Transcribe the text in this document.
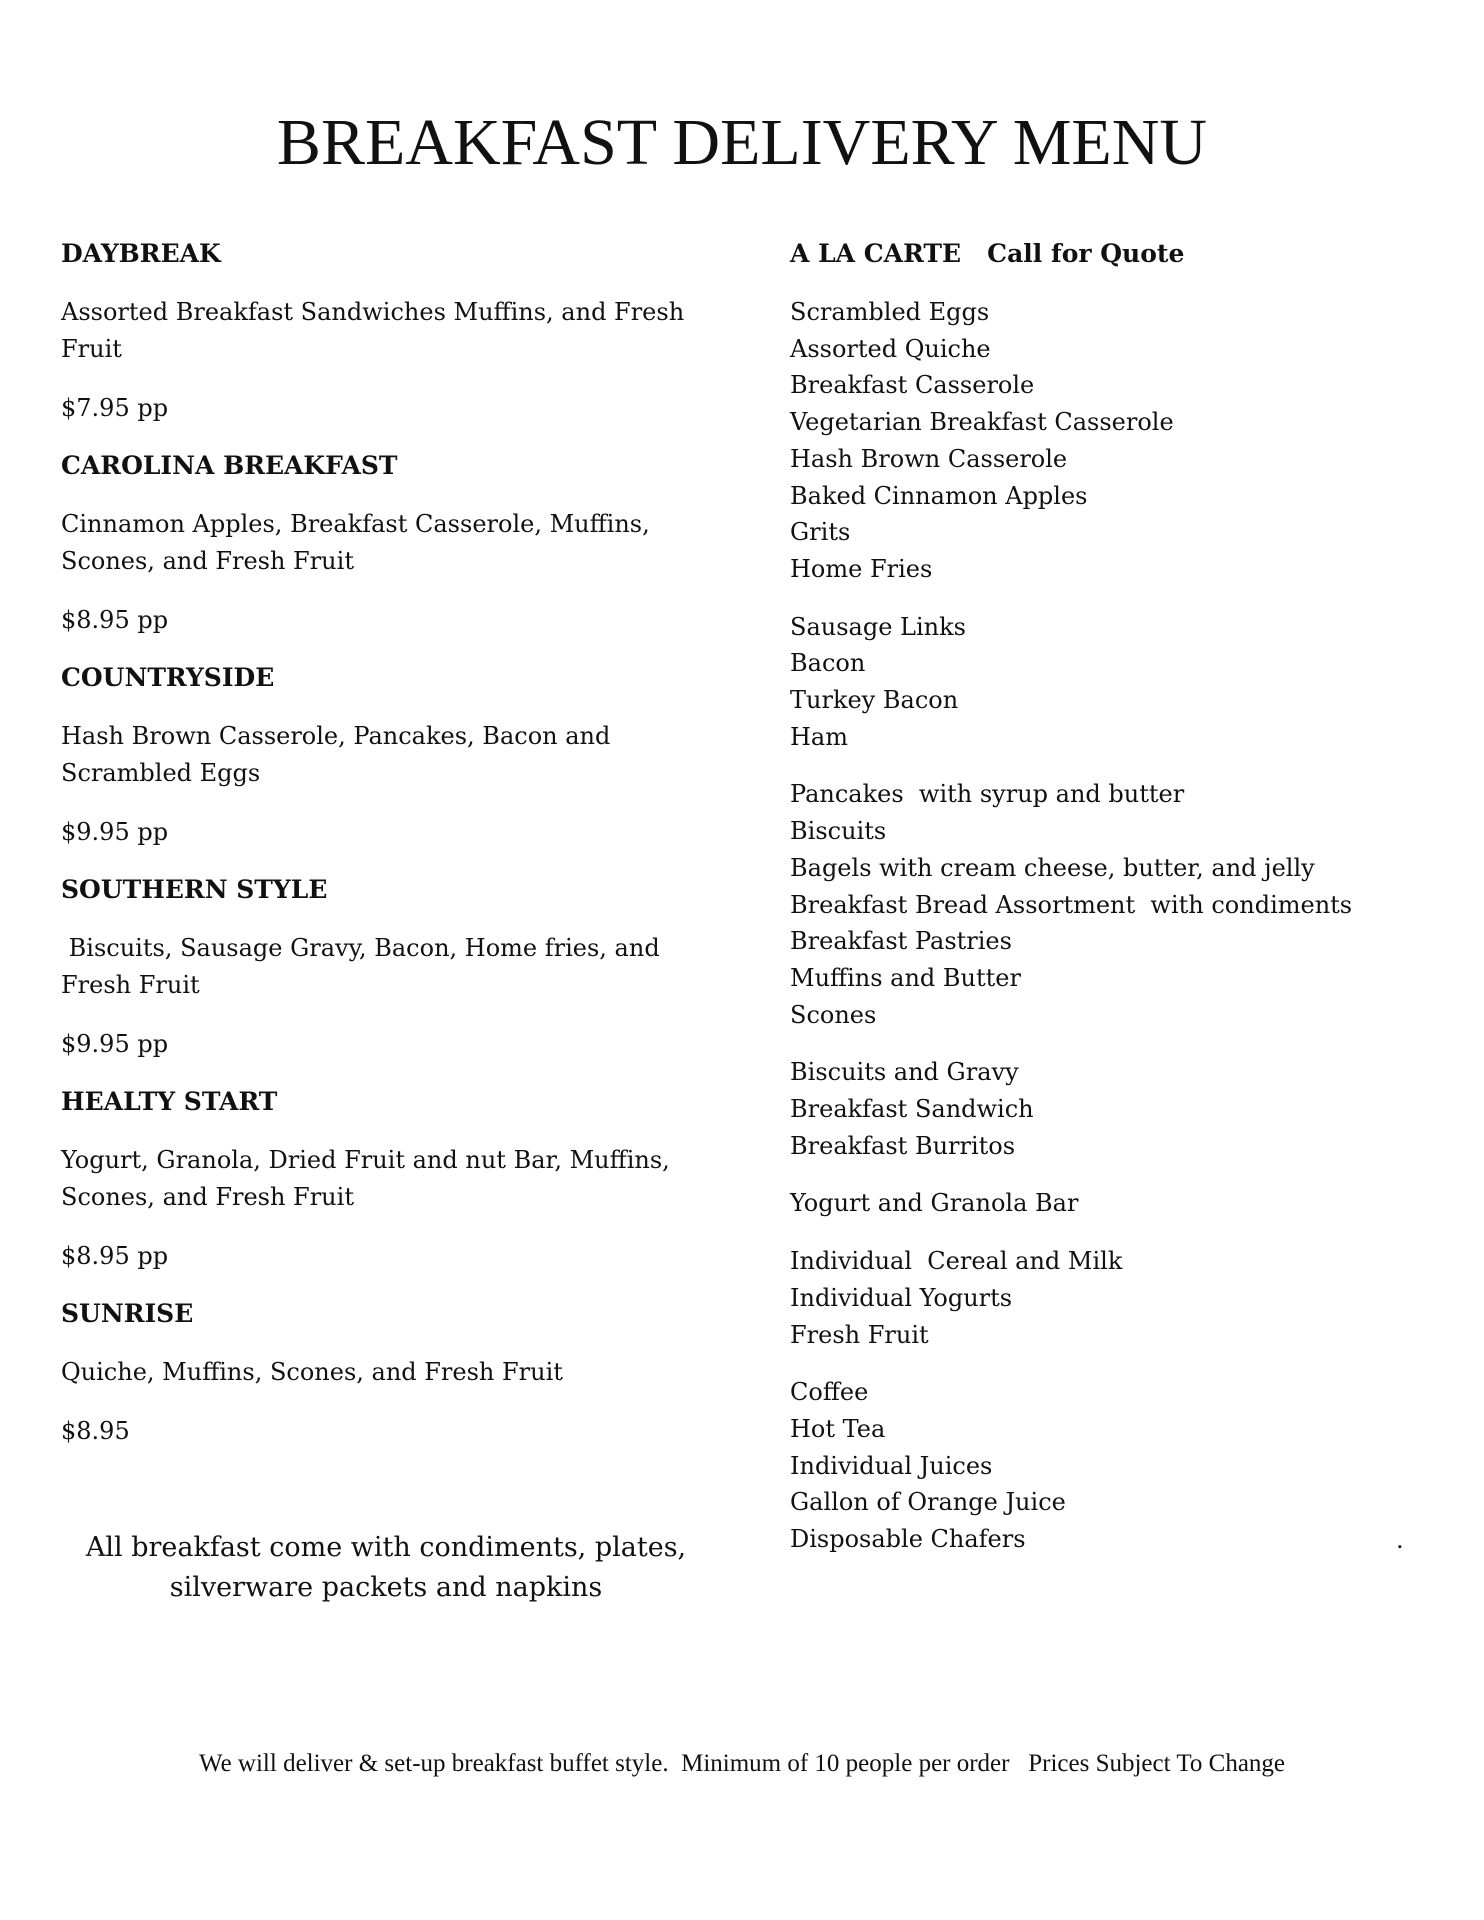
BREAKFAST DELIVERY MENU

DAYBREAK

Assorted Breakfast Sandwiches Muffins, and Fresh Fruit

$7.95 pp

CAROLINA BREAKFAST

Cinnamon Apples, Breakfast Casserole, Muffins, Scones, and Fresh Fruit

$8.95 pp

COUNTRYSIDE

Hash Brown Casserole, Pancakes, Bacon and Scrambled Eggs

$9.95 pp

SOUTHERN STYLE

Biscuits, Sausage Gravy, Bacon, Home fries, and Fresh Fruit

$9.95 pp

HEALTY START

Yogurt, Granola, Dried Fruit and nut Bar, Muffins, Scones, and Fresh Fruit

$8.95 pp

SUNRISE

Quiche, Muffins, Scones, and Fresh Fruit

$8.95

All breakfast come with condiments, plates, silverware packets and napkins

A LA CARTE   Call for Quote

Scrambled Eggs
Assorted Quiche
Breakfast Casserole
Vegetarian Breakfast Casserole
Hash Brown Casserole
Baked Cinnamon Apples
Grits
Home Fries
Sausage Links
Bacon
Turkey Bacon
Ham
Pancakes  with syrup and butter
Biscuits
Bagels with cream cheese, butter, and jelly
Breakfast Bread Assortment  with condiments
Breakfast Pastries
Muffins and Butter
Scones
Biscuits and Gravy
Breakfast Sandwich
Breakfast Burritos
Yogurt and Granola Bar
Individual  Cereal and Milk
Individual Yogurts
Fresh Fruit
Coffee
Hot Tea
Individual Juices
Gallon of Orange Juice
Disposable Chafers	.

We will deliver & set-up breakfast buffet style.  Minimum of 10 people per order   Prices Subject To Change
